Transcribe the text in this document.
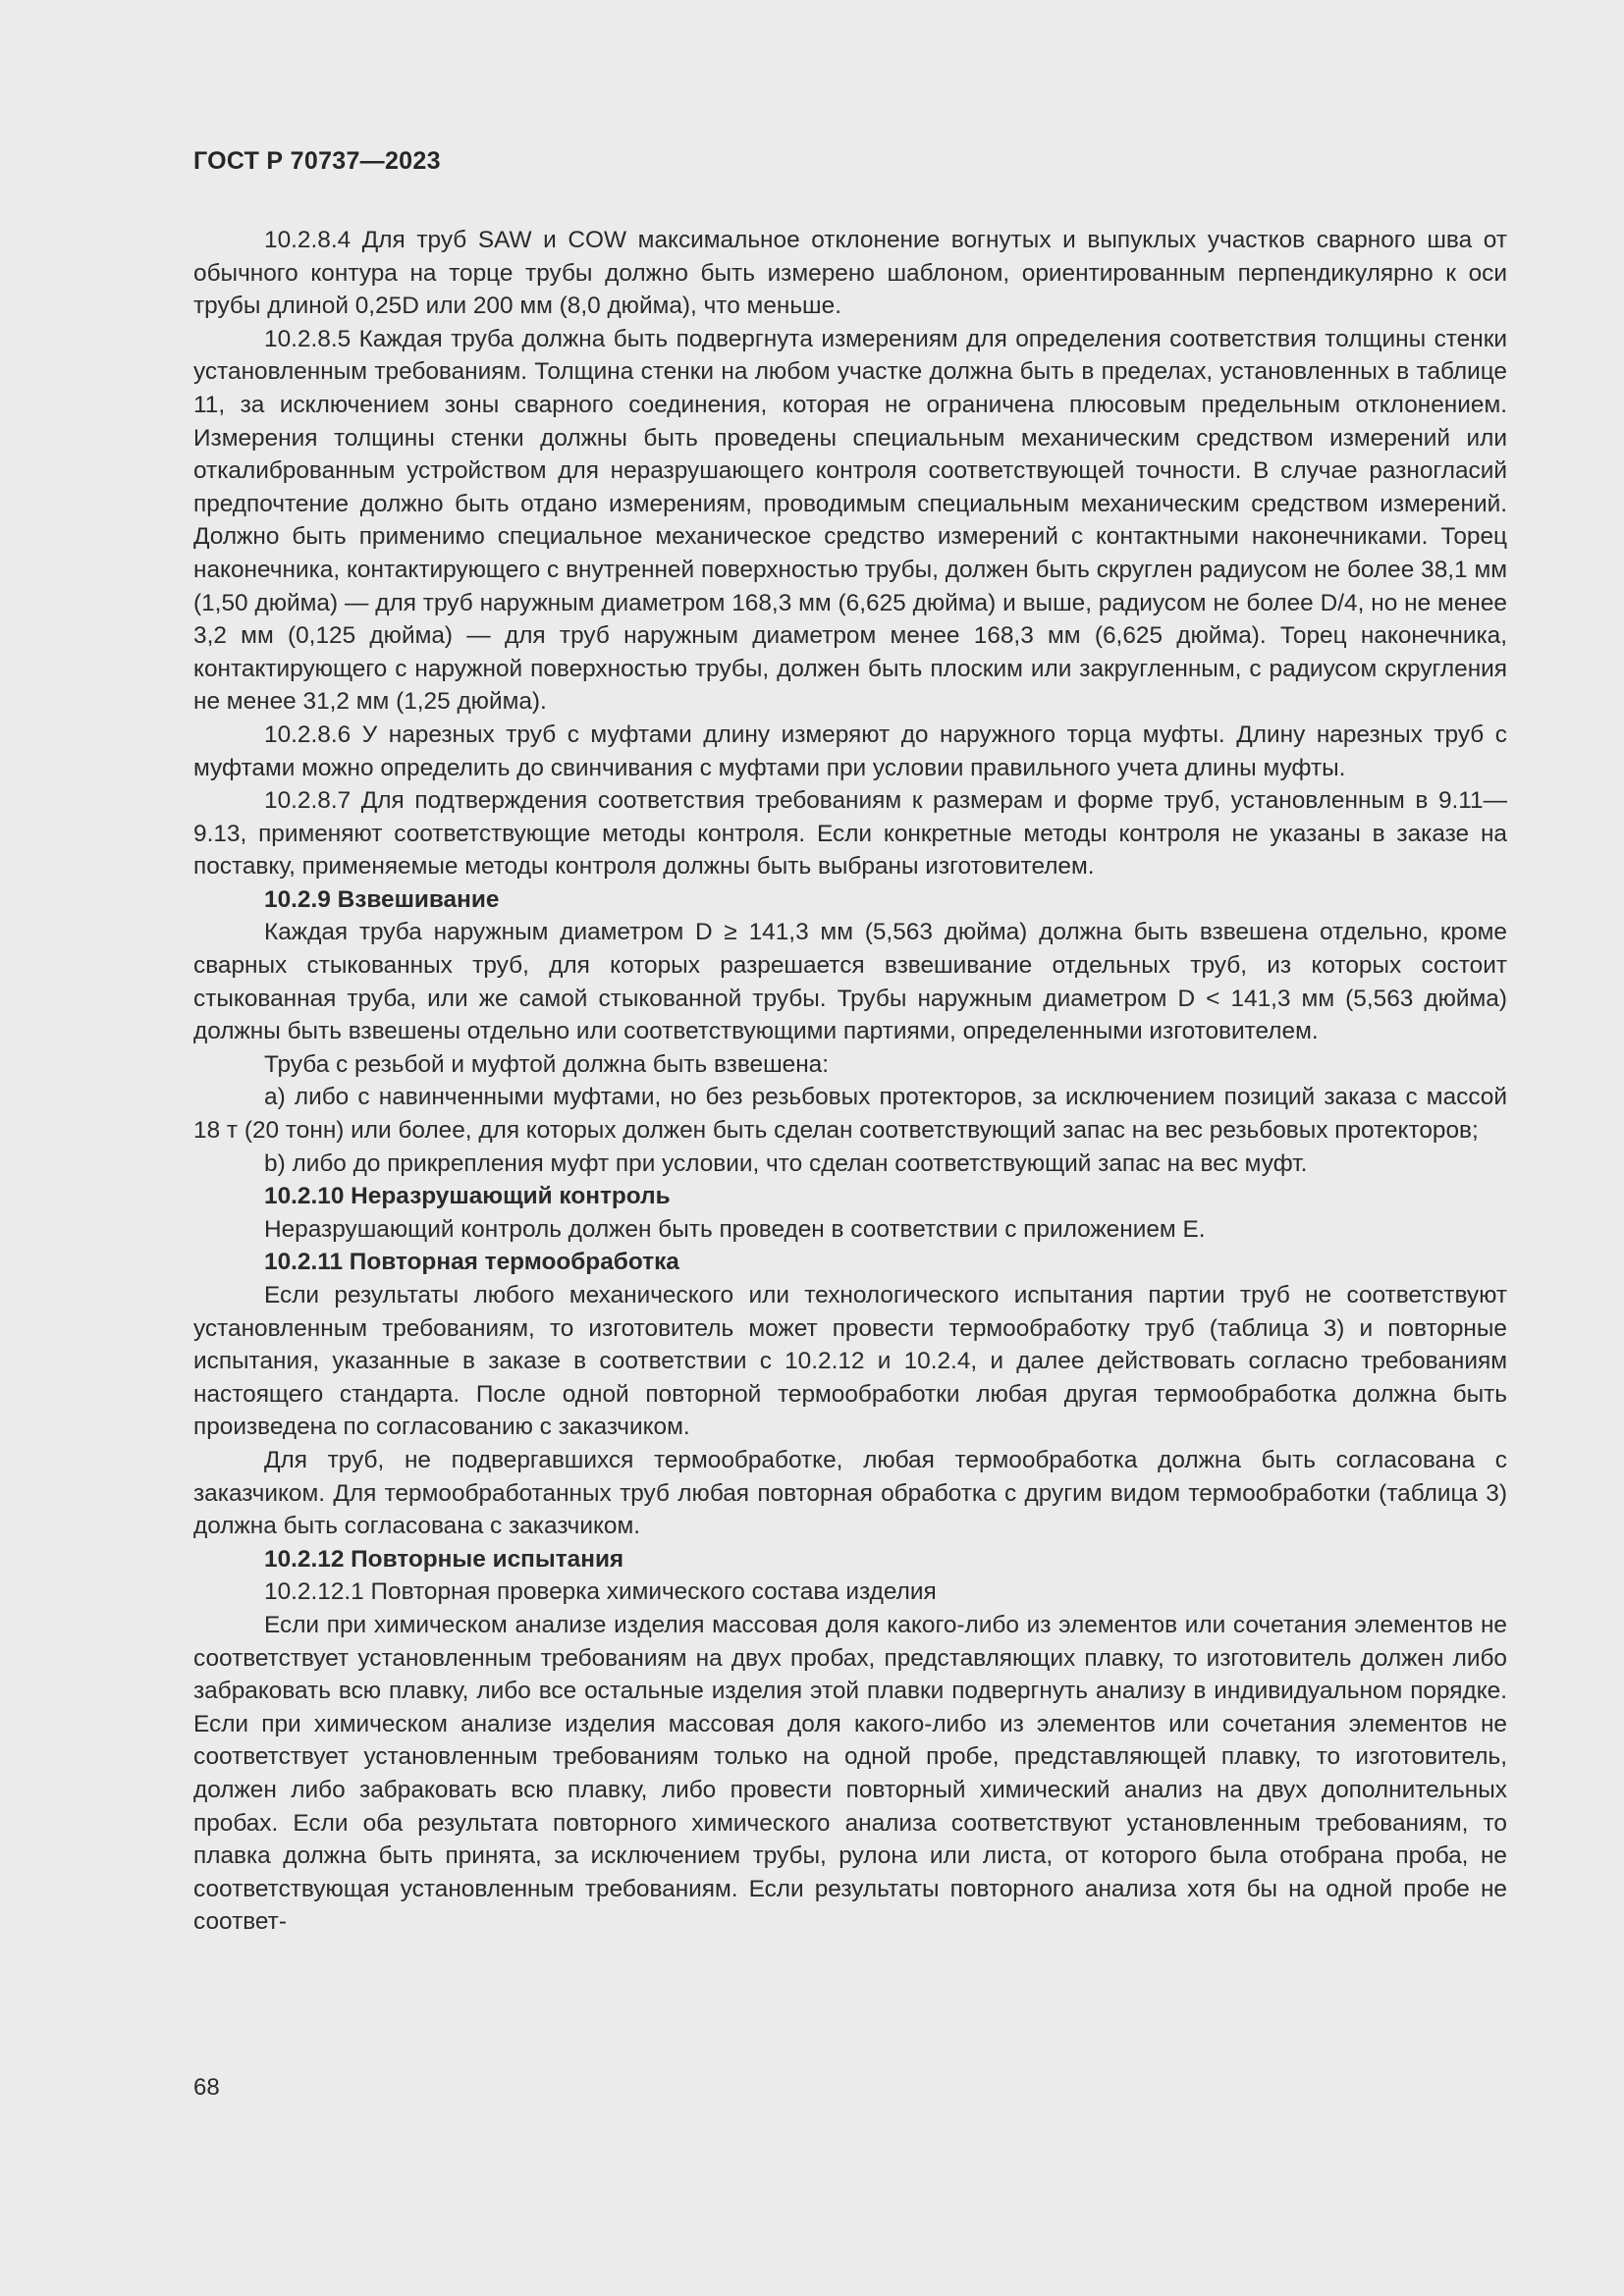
ГОСТ Р 70737—2023

10.2.8.4 Для труб SAW и COW максимальное отклонение вогнутых и выпуклых участков сварного шва от обычного контура на торце трубы должно быть измерено шаблоном, ориентированным перпендикулярно к оси трубы длиной 0,25D или 200 мм (8,0 дюйма), что меньше.

10.2.8.5 Каждая труба должна быть подвергнута измерениям для определения соответствия толщины стенки установленным требованиям. Толщина стенки на любом участке должна быть в пределах, установленных в таблице 11, за исключением зоны сварного соединения, которая не ограничена плюсовым предельным отклонением. Измерения толщины стенки должны быть проведены специальным механическим средством измерений или откалиброванным устройством для неразрушающего контроля соответствующей точности. В случае разногласий предпочтение должно быть отдано измерениям, проводимым специальным механическим средством измерений. Должно быть применимо специальное механическое средство измерений с контактными наконечниками. Торец наконечника, контактирующего с внутренней поверхностью трубы, должен быть скруглен радиусом не более 38,1 мм (1,50 дюйма) — для труб наружным диаметром 168,3 мм (6,625 дюйма) и выше, радиусом не более D/4, но не менее 3,2 мм (0,125 дюйма) — для труб наружным диаметром менее 168,3 мм (6,625 дюйма). Торец наконечника, контактирующего с наружной поверхностью трубы, должен быть плоским или закругленным, с радиусом скругления не менее 31,2 мм (1,25 дюйма).

10.2.8.6 У нарезных труб с муфтами длину измеряют до наружного торца муфты. Длину нарезных труб с муфтами можно определить до свинчивания с муфтами при условии правильного учета длины муфты.

10.2.8.7 Для подтверждения соответствия требованиям к размерам и форме труб, установленным в 9.11—9.13, применяют соответствующие методы контроля. Если конкретные методы контроля не указаны в заказе на поставку, применяемые методы контроля должны быть выбраны изготовителем.

10.2.9 Взвешивание

Каждая труба наружным диаметром D ≥ 141,3 мм (5,563 дюйма) должна быть взвешена отдельно, кроме сварных стыкованных труб, для которых разрешается взвешивание отдельных труб, из которых состоит стыкованная труба, или же самой стыкованной трубы. Трубы наружным диаметром D < 141,3 мм (5,563 дюйма) должны быть взвешены отдельно или соответствующими партиями, определенными изготовителем.

Труба с резьбой и муфтой должна быть взвешена:

а) либо с навинченными муфтами, но без резьбовых протекторов, за исключением позиций заказа с массой 18 т (20 тонн) или более, для которых должен быть сделан соответствующий запас на вес резьбовых протекторов;

b) либо до прикрепления муфт при условии, что сделан соответствующий запас на вес муфт.

10.2.10 Неразрушающий контроль

Неразрушающий контроль должен быть проведен в соответствии с приложением Е.

10.2.11 Повторная термообработка

Если результаты любого механического или технологического испытания партии труб не соответствуют установленным требованиям, то изготовитель может провести термообработку труб (таблица 3) и повторные испытания, указанные в заказе в соответствии с 10.2.12 и 10.2.4, и далее действовать согласно требованиям настоящего стандарта. После одной повторной термообработки любая другая термообработка должна быть произведена по согласованию с заказчиком.

Для труб, не подвергавшихся термообработке, любая термообработка должна быть согласована с заказчиком. Для термообработанных труб любая повторная обработка с другим видом термообработки (таблица 3) должна быть согласована с заказчиком.

10.2.12 Повторные испытания

10.2.12.1 Повторная проверка химического состава изделия

Если при химическом анализе изделия массовая доля какого-либо из элементов или сочетания элементов не соответствует установленным требованиям на двух пробах, представляющих плавку, то изготовитель должен либо забраковать всю плавку, либо все остальные изделия этой плавки подвергнуть анализу в индивидуальном порядке. Если при химическом анализе изделия массовая доля какого-либо из элементов или сочетания элементов не соответствует установленным требованиям только на одной пробе, представляющей плавку, то изготовитель, должен либо забраковать всю плавку, либо провести повторный химический анализ на двух дополнительных пробах. Если оба результата повторного химического анализа соответствуют установленным требованиям, то плавка должна быть принята, за исключением трубы, рулона или листа, от которого была отобрана проба, не соответствующая установленным требованиям. Если результаты повторного анализа хотя бы на одной пробе не соответ-

68
